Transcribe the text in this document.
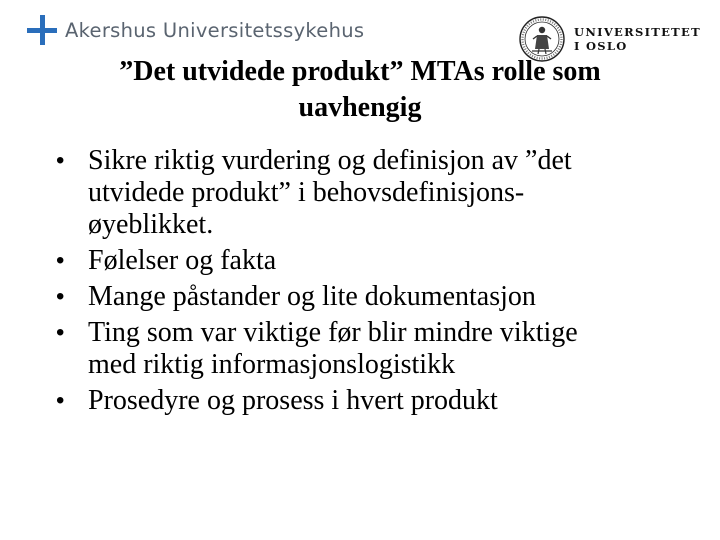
Akershus Universitetssykehus	UNIVERSITETET
I OSLO
”Det utvidede produkt” MTAs rolle som
uavhengig
• Sikre riktig vurdering og definisjon av ”det
utvidede produkt” i behovsdefinisjons-
øyeblikket.
• Følelser og fakta
• Mange påstander og lite dokumentasjon
• Ting som var viktige før blir mindre viktige
med riktig informasjonslogistikk
• Prosedyre og prosess i hvert produkt
